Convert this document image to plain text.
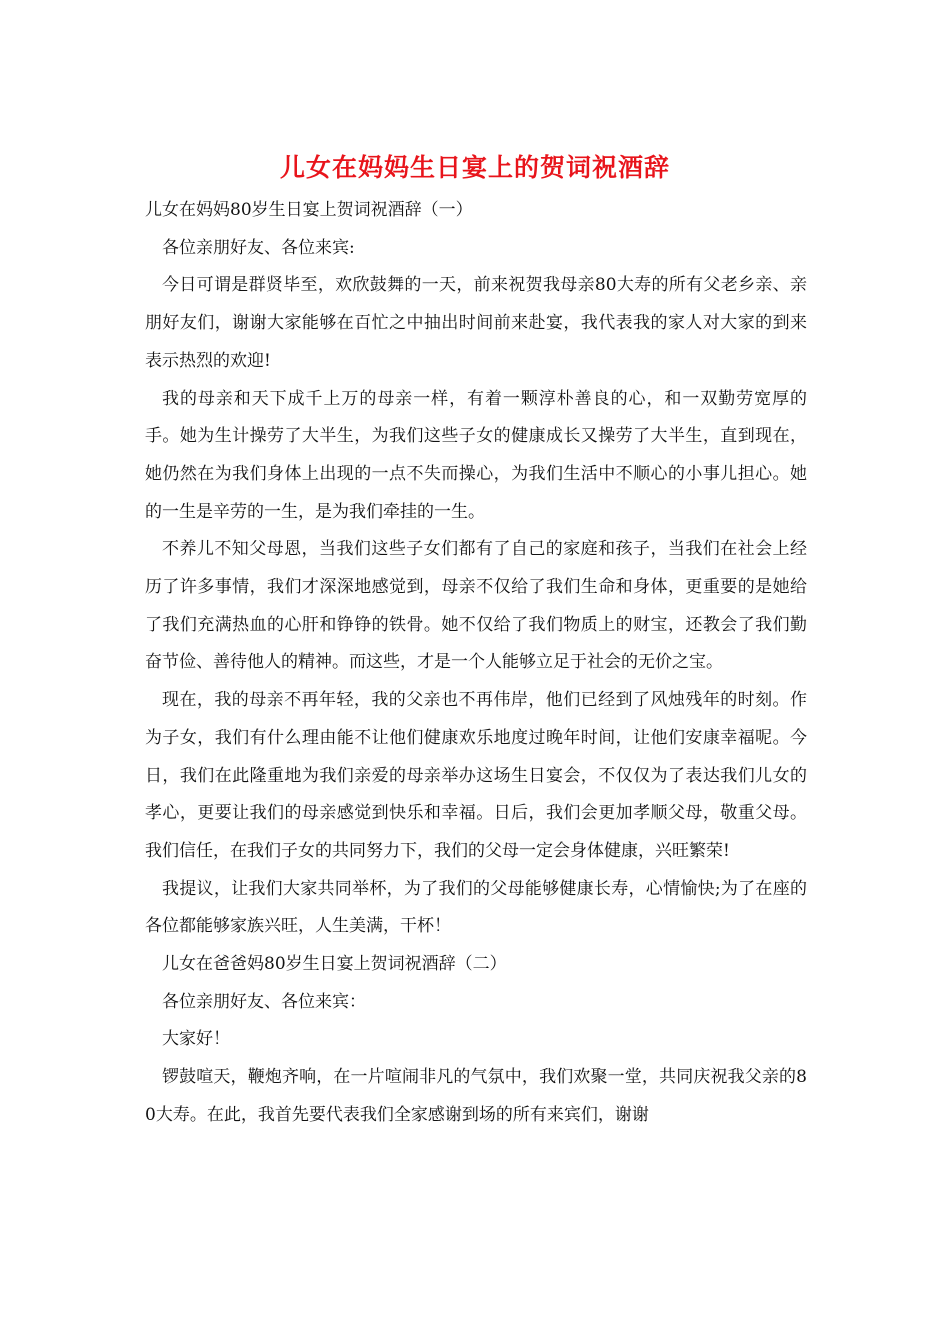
儿女在妈妈生日宴上的贺词祝酒辞

儿女在妈妈80岁生日宴上贺词祝酒辞（一）

各位亲朋好友、各位来宾:

今日可谓是群贤毕至，欢欣鼓舞的一天，前来祝贺我母亲80大寿的所有父老乡亲、亲朋好友们，谢谢大家能够在百忙之中抽出时间前来赴宴，我代表我的家人对大家的到来表示热烈的欢迎!

我的母亲和天下成千上万的母亲一样，有着一颗淳朴善良的心，和一双勤劳宽厚的手。她为生计操劳了大半生，为我们这些子女的健康成长又操劳了大半生，直到现在，她仍然在为我们身体上出现的一点不失而操心，为我们生活中不顺心的小事儿担心。她的一生是辛劳的一生，是为我们牵挂的一生。

不养儿不知父母恩，当我们这些子女们都有了自己的家庭和孩子，当我们在社会上经历了许多事情，我们才深深地感觉到，母亲不仅给了我们生命和身体，更重要的是她给了我们充满热血的心肝和铮铮的铁骨。她不仅给了我们物质上的财宝，还教会了我们勤奋节俭、善待他人的精神。而这些，才是一个人能够立足于社会的无价之宝。

现在，我的母亲不再年轻，我的父亲也不再伟岸，他们已经到了风烛残年的时刻。作为子女，我们有什么理由能不让他们健康欢乐地度过晚年时间，让他们安康幸福呢。今日，我们在此隆重地为我们亲爱的母亲举办这场生日宴会，不仅仅为了表达我们儿女的孝心，更要让我们的母亲感觉到快乐和幸福。日后，我们会更加孝顺父母，敬重父母。我们信任，在我们子女的共同努力下，我们的父母一定会身体健康，兴旺繁荣!

我提议，让我们大家共同举杯，为了我们的父母能够健康长寿，心情愉快;为了在座的各位都能够家族兴旺，人生美满，干杯！

儿女在爸爸妈80岁生日宴上贺词祝酒辞（二）

各位亲朋好友、各位来宾：

大家好！

锣鼓喧天，鞭炮齐响，在一片喧闹非凡的气氛中，我们欢聚一堂，共同庆祝我父亲的80大寿。在此，我首先要代表我们全家感谢到场的所有来宾们，谢谢
